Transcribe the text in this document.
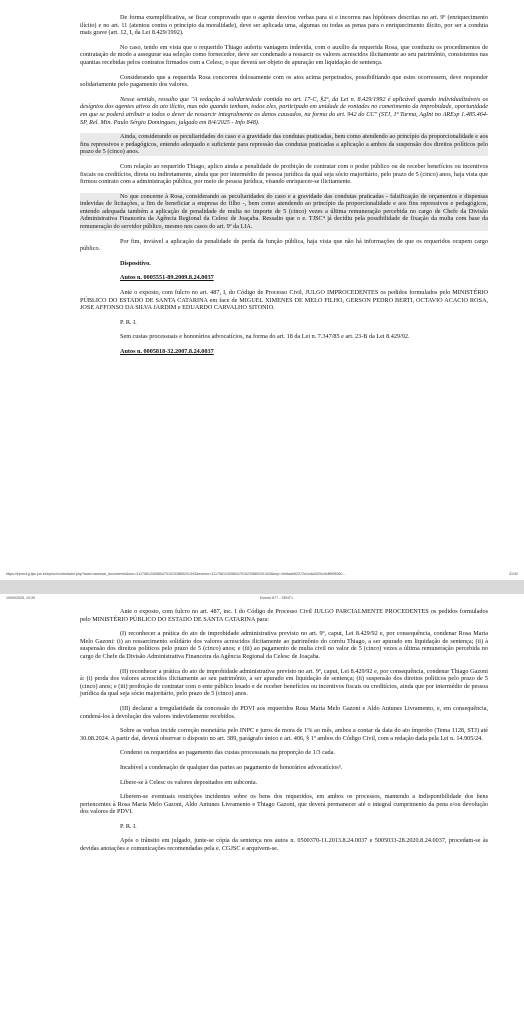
De forma exemplificativa, se ficar comprovado que o agente desviou verbas para si e incorreu nas hipóteses descritas no art. 9º (enriquecimento ilícito) e no art. 11 (atentou contra o princípio da moralidade), deve ser aplicada uma, algumas ou todas as penas para o enriquecimento ilícito, por ser a conduta mais grave (art. 12, I, da Lei 8.429/1992).

No caso, tendo em vista que o requerido Thiago auferiu vantagem indevida, com o auxílio da requerida Rosa, que conduziu os procedimentos de contratação de modo a assegurar sua seleção como fornecedor, deve ser condenado a ressarcir os valores acrescidos ilicitamente ao seu patrimônio, consistentes nas quantias recebidas pelos contratos firmados com a Celesc, o que deverá ser objeto de apuração em liquidação de sentença.

Considerando que a requerida Rosa concorreu dolosamente com os atos acima perpetrados, possibilitando que estes ocorressem, deve responder solidariamente pelo pagamento dos valores.

Nesse sentido, ressalto que "A vedação à solidariedade contida no art. 17-C, §2º, da Lei n. 8.429/1992 é aplicável quando individualizáveis os desígnios dos agentes ativos do ato ilícito, mas não quando tenham, todos eles, participado em unidade de vontades no cometimento da improbidade, oportunidade em que se poderá atribuir a todos o dever de ressarcir integralmente os danos causados, na forma do art. 942 do CC" (STJ, 1ª Turma, AgInt no AREsp 1.485.464-SP, Rel. Min. Paulo Sérgio Domingues, julgado em 8/4/2025 - Info 848).

Ainda, considerando as peculiaridades do caso e a gravidade das condutas praticadas, bem como atendendo ao princípio da proporcionalidade e aos fins repressivos e pedagógicos, entendo adequado e suficiente para repressão das condutas praticadas a aplicação a ambos da suspensão dos direitos políticos pelo prazo de 5 (cinco) anos.

Com relação ao requerido Thiago, aplico ainda a penalidade de proibição de contratar com o poder público ou de receber benefícios ou incentivos fiscais ou creditícios, direta ou indiretamente, ainda que por intermédio de pessoa jurídica da qual seja sócio majoritário, pelo prazo de 5 (cinco) anos, haja vista que firmou contrato com a administração pública, por meio de pessoa jurídica, visando enriquecer-se ilicitamente.

No que concerne à Rosa, considerando as peculiaridades do caso e a gravidade das condutas praticadas - falsificação de orçamentos e dispensas indevidas de licitações, a fim de beneficiar a empresa do filho -, bem como atendendo ao princípio da proporcionalidade e aos fins repressivos e pedagógicos, entendo adequada também a aplicação de penalidade de multa no importe de 5 (cinco) vezes a última remuneração percebida no cargo de Chefe da Divisão Administrativa Financeira da Agência Regional da Celesc de Joaçaba. Ressalto que o e. TJSC⁴ já decidiu pela possibilidade de fixação da multa com base da remuneração do servidor público, mesmo nos casos do art. 9º da LIA.

Por fim, inviável a aplicação da penalidade de perda da função pública, haja vista que não há informações de que os requeridos ocupem cargo público.

Dispositivo.

Autos n. 0005551-89.2009.8.24.0037

Ante o exposto, com fulcro no art. 487, I, do Código de Processo Civil, JULGO IMPROCEDENTES os pedidos formulados pelo MINISTÉRIO PÚBLICO DO ESTADO DE SANTA CATARINA em face de MIGUEL XIMENES DE MELO FILHO, GERSON PEDRO BERTI, OCTAVIO ACACIO ROSA, JOSE AFFONSO DA SILVA JARDIM e EDUARDO CARVALHO SITONIO.

P. R. I.

Sem custas processuais e honorários advocatícios, na forma do art. 18 da Lei n. 7.347/85 e art. 23-B da Lei 8.429/92.

Autos n. 0005818-32.2007.8.24.0037

https://eproc1g.tjsc.jus.br/eproc/controlador.php?acao=acessar_documento&doc=311758124058047010233889291343&evento=311758124058047010233889291343&key=1fe6ade62372a1eda3020c3cff6f98360…	31/32
19/09/2025, 10:39	Evento 877 - SENT1

Ante o exposto, com fulcro no art. 487, inc. I do Código de Processo Civil JULGO PARCIALMENTE PROCEDENTES os pedidos formulados pelo MINISTÉRIO PÚBLICO DO ESTADO DE SANTA CATARINA para:

(I) reconhecer a prática do ato de improbidade administrativa previsto no art. 9º, caput, Lei 8.429/92 e, por consequência, condenar Rosa Maria Melo Gazoni: (i) ao ressarcimento solidário dos valores acrescidos ilicitamente ao patrimônio do corréu Thiago, a ser apurado em liquidação de sentença; (ii) à suspensão dos direitos políticos pelo prazo de 5 (cinco) anos; e (iii) ao pagamento de multa civil no valor de 5 (cinco) vezes a última remuneração percebida no cargo de Chefe da Divisão Administrativa Financeira da Agência Regional da Celesc de Joaçaba.

(II) reconhecer a prática do ato de improbidade administrativa previsto no art. 9º, caput, Lei 8.429/92 e, por consequência, condenar Thiago Gazoni à: (i) perda dos valores acrescidos ilicitamente ao seu patrimônio, a ser apurado em liquidação de sentença; (ii) suspensão dos direitos políticos pelo prazo de 5 (cinco) anos; e (iii) proibição de contratar com o ente público lesado e de receber benefícios ou incentivos fiscais ou creditícios, ainda que por intermédio de pessoa jurídica da qual seja sócio majoritário, pelo prazo de 5 (cinco) anos.

(III) declarar a irregularidade da concessão do PDVI aos requeridos Rosa Maria Melo Gazoni e Aldo Antunes Livramento, e, em consequência, condená-los à devolução dos valores indevidamente recebidos.

Sobre as verbas incide correção monetária pelo INPC e juros de mora de 1% ao mês, ambos a contar da data do ato ímprobo (Tema 1128, STJ) até 30.08.2024. A partir daí, deverá observar o disposto no art. 389, parágrafo único e art. 406, § 1º ambos do Código Civil, com a redação dada pela Lei n. 14.905/24.

Condeno os requeridos ao pagamento das custas processuais na proporção de 1/3 cada.

Incabível a condenação de qualquer das partes ao pagamento de honorários advocatícios⁵.

Libere-se à Celesc os valores depositados em subconta.

Liberem-se eventuais restrições incidentes sobre os bens dos requeridos, em ambos os processos, mantendo a indisponibilidade dos bens pertencentes à Rosa Maria Melo Gazoni, Aldo Antunes Livramento e Thiago Gazoni, que deverá permanecer até o integral cumprimento da pena e/ou devolução dos valores de PDVI.

P. R. I.

Após o trânsito em julgado, junte-se cópia da sentença nos autos n. 0500370-11.2013.8.24.0037 e 5005033-28.2020.8.24.0037, procedam-se às devidas anotações e comunicações recomendadas pela e. CGJSC e arquivem-se.
